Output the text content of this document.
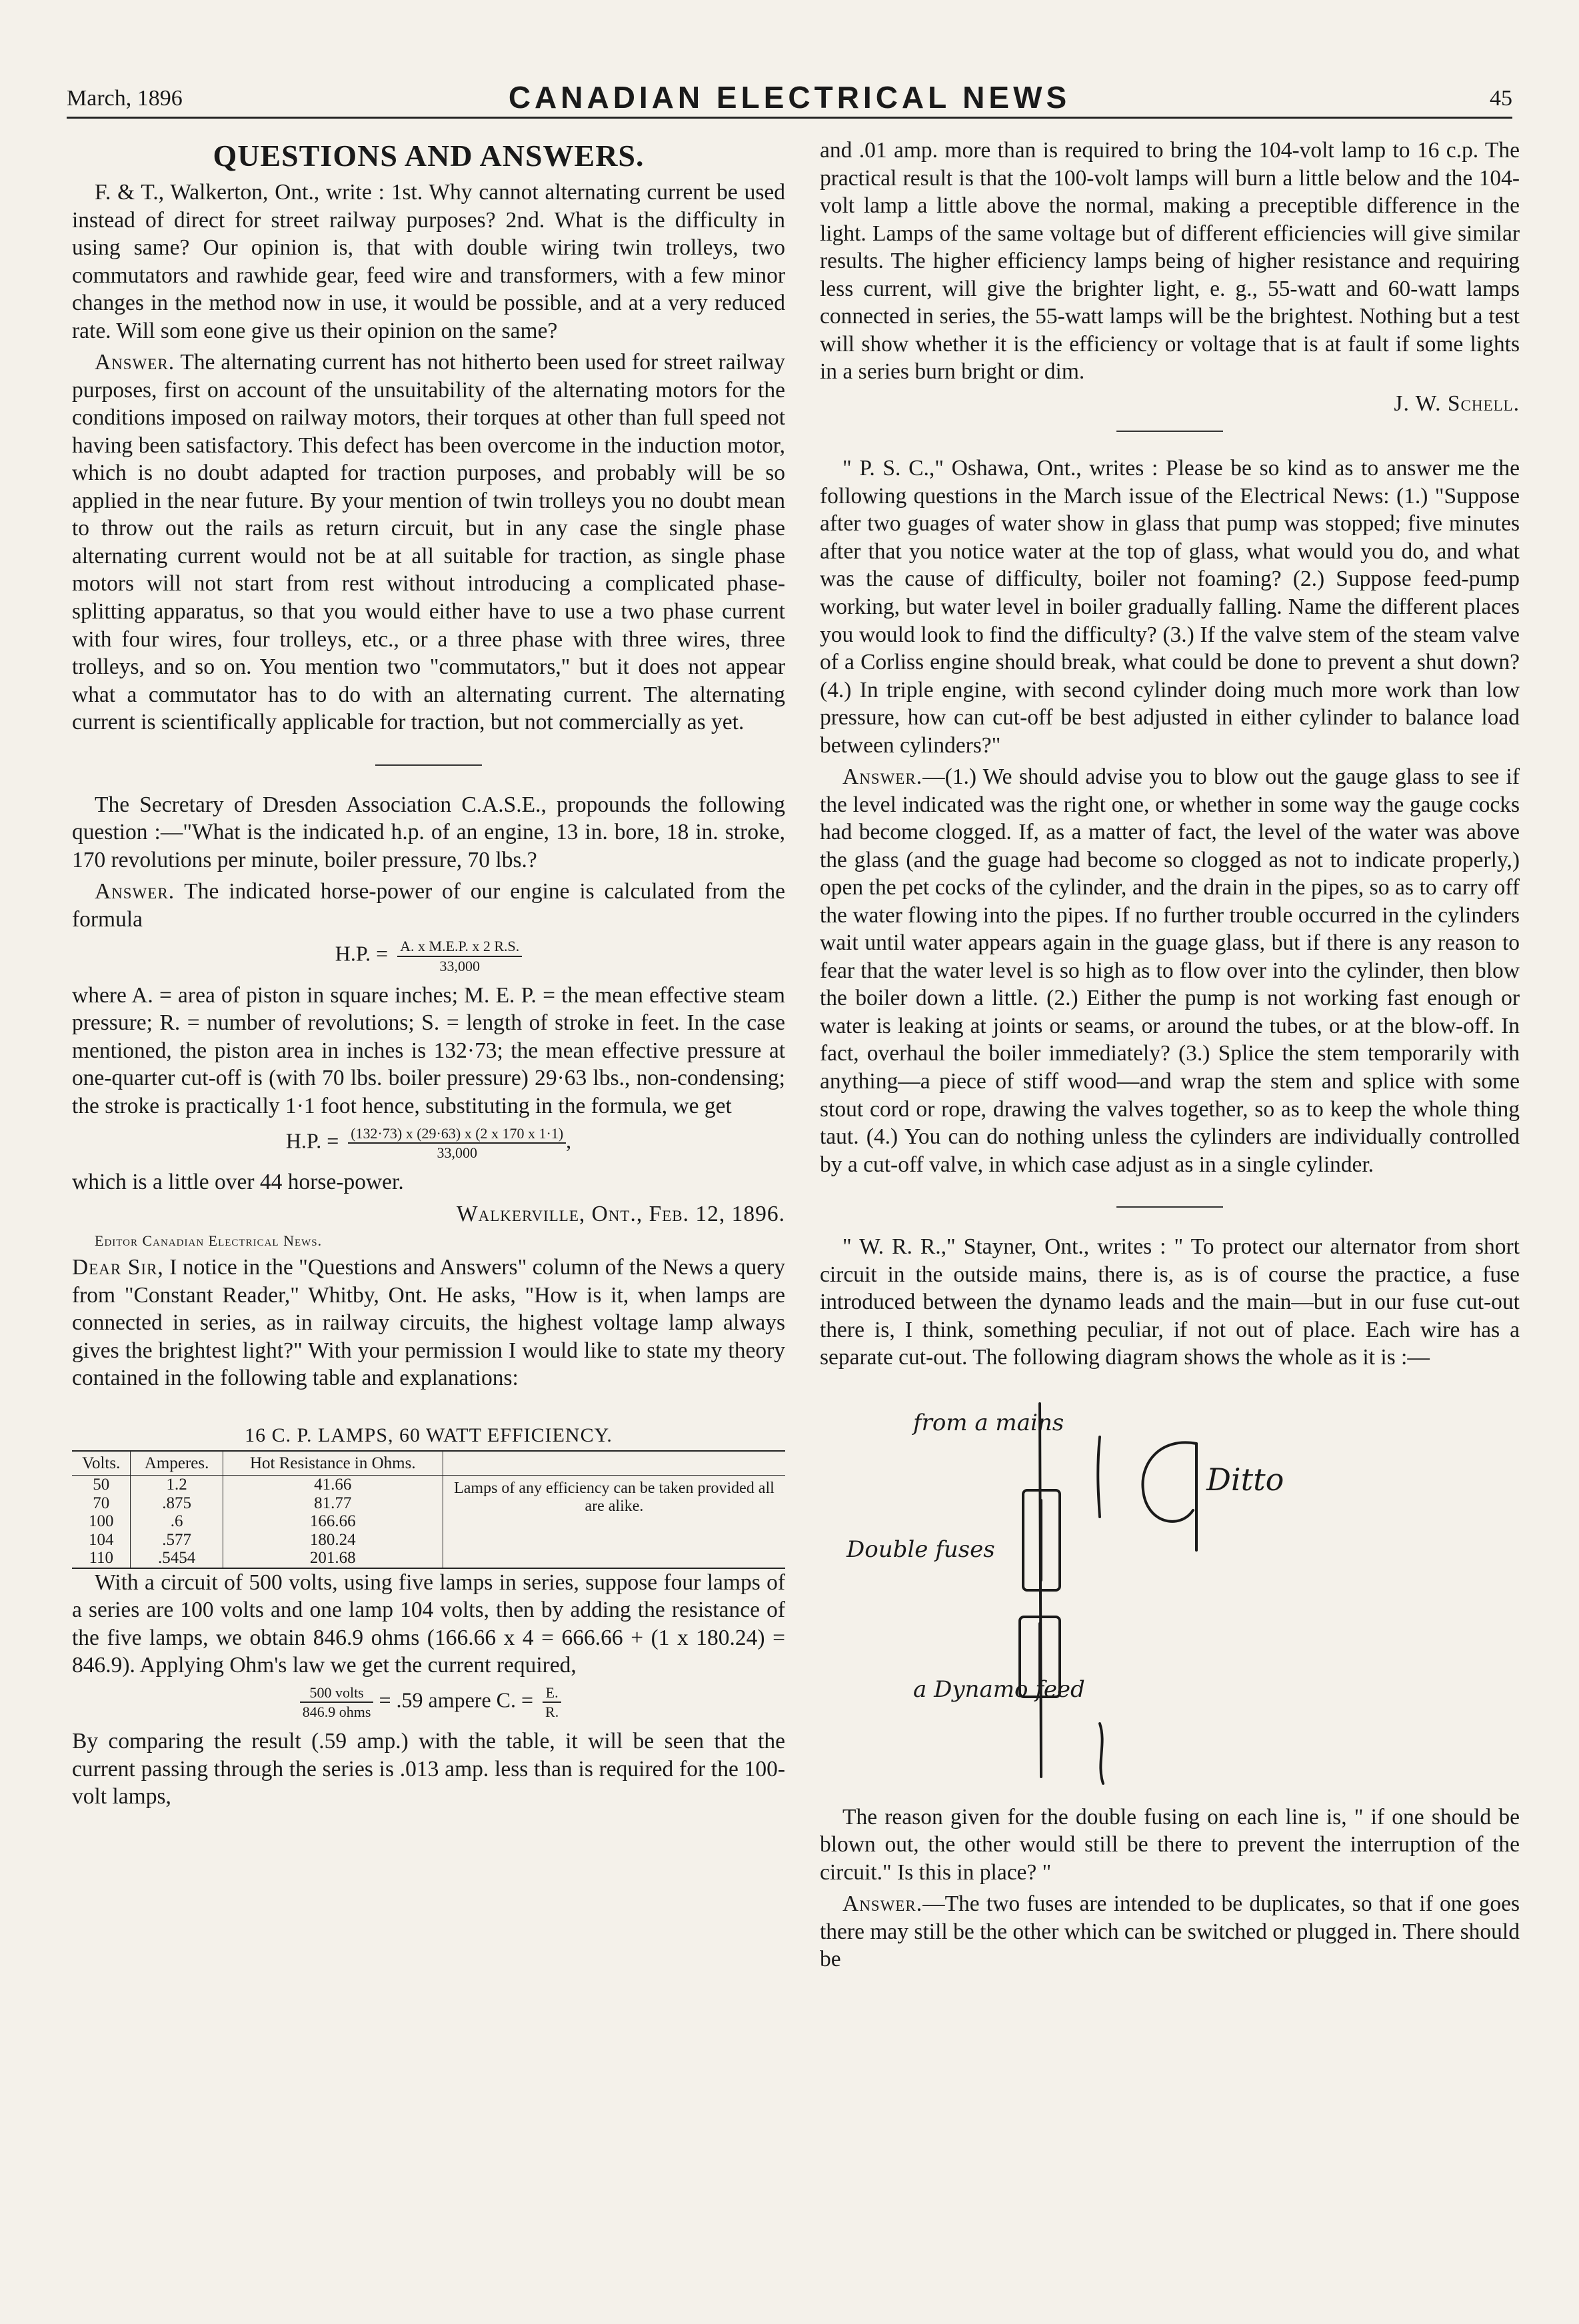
March, 1896	CANADIAN ELECTRICAL NEWS	45
QUESTIONS AND ANSWERS.

F. & T., Walkerton, Ont., write : 1st. Why cannot alternating current be used instead of direct for street railway purposes? 2nd. What is the difficulty in using same? Our opinion is, that with double wiring twin trolleys, two commutators and rawhide gear, feed wire and transformers, with a few minor changes in the method now in use, it would be possible, and at a very reduced rate. Will som eone give us their opinion on the same?

Answer. The alternating current has not hitherto been used for street railway purposes, first on account of the unsuitability of the alternating motors for the conditions imposed on railway motors, their torques at other than full speed not having been satisfactory. This defect has been overcome in the induction motor, which is no doubt adapted for traction purposes, and probably will be so applied in the near future. By your mention of twin trolleys you no doubt mean to throw out the rails as return circuit, but in any case the single phase alternating current would not be at all suitable for traction, as single phase motors will not start from rest without introducing a complicated phase-splitting apparatus, so that you would either have to use a two phase current with four wires, four trolleys, etc., or a three phase with three wires, three trolleys, and so on. You mention two "commutators," but it does not appear what a commutator has to do with an alternating current. The alternating current is scientifically applicable for traction, but not commercially as yet.

The Secretary of Dresden Association C.A.S.E., propounds the following question :—"What is the indicated h.p. of an engine, 13 in. bore, 18 in. stroke, 170 revolutions per minute, boiler pressure, 70 lbs.?

Answer. The indicated horse-power of our engine is calculated from the formula

H.P. = $\frac{\text{A. x M.E.P. x 2 R.S.}}{33,000}$

where A. = area of piston in square inches; M. E. P. = the mean effective steam pressure; R. = number of revolutions; S. = length of stroke in feet. In the case mentioned, the piston area in inches is 132·73; the mean effective pressure at one-quarter cut-off is (with 70 lbs. boiler pressure) 29·63 lbs., non-condensing; the stroke is practically 1·1 foot hence, substituting in the formula, we get

H.P. = $\frac{(132\cdot 73) x (29\cdot 63) x (2 x 170 x 1\cdot 1)}{33,000}$ ,

which is a little over 44 horse-power.

Walkerville, Ont., Feb. 12, 1896.

Editor Canadian Electrical News.

Dear Sir, I notice in the "Questions and Answers" column of the News a query from "Constant Reader," Whitby, Ont. He asks, "How is it, when lamps are connected in series, as in railway circuits, the highest voltage lamp always gives the brightest light?" With your permission I would like to state my theory contained in the following table and explanations:

16 C. P. LAMPS, 60 WATT EFFICIENCY.
Volts.	Amperes.	Hot Resistance in Ohms.	
50	1.2	41.66	Lamps of any efficiency can be taken provided all are alike.
70	.875	81.77	
100	.6	166.66	
104	.577	180.24	
110	.5454	201.68	

With a circuit of 500 volts, using five lamps in series, suppose four lamps of a series are 100 volts and one lamp 104 volts, then by adding the resistance of the five lamps, we obtain 846.9 ohms (166.66 x 4 = 666.66 + (1 x 180.24) = 846.9). Applying Ohm's law we get the current required,

$\frac{\text{500 volts}}{\text{846.9 ohms}} = .59$ ampere C. = $\frac{E.}{R.}$

By comparing the result (.59 amp.) with the table, it will be seen that the current passing through the series is .013 amp. less than is required for the 100-volt lamps,

and .01 amp. more than is required to bring the 104-volt lamp to 16 c.p. The practical result is that the 100-volt lamps will burn a little below and the 104-volt lamp a little above the normal, making a preceptible difference in the light. Lamps of the same voltage but of different efficiencies will give similar results. The higher efficiency lamps being of higher resistance and requiring less current, will give the brighter light, e. g., 55-watt and 60-watt lamps connected in series, the 55-watt lamps will be the brightest. Nothing but a test will show whether it is the efficiency or voltage that is at fault if some lights in a series burn bright or dim.

J. W. Schell.

" P. S. C.," Oshawa, Ont., writes : Please be so kind as to answer me the following questions in the March issue of the Electrical News: (1.) "Suppose after two guages of water show in glass that pump was stopped; five minutes after that you notice water at the top of glass, what would you do, and what was the cause of difficulty, boiler not foaming? (2.) Suppose feed-pump working, but water level in boiler gradually falling. Name the different places you would look to find the difficulty? (3.) If the valve stem of the steam valve of a Corliss engine should break, what could be done to prevent a shut down? (4.) In triple engine, with second cylinder doing much more work than low pressure, how can cut-off be best adjusted in either cylinder to balance load between cylinders?"

Answer.—(1.) We should advise you to blow out the gauge glass to see if the level indicated was the right one, or whether in some way the gauge cocks had become clogged. If, as a matter of fact, the level of the water was above the glass (and the guage had become so clogged as not to indicate properly,) open the pet cocks of the cylinder, and the drain in the pipes, so as to carry off the water flowing into the pipes. If no further trouble occurred in the cylinders wait until water appears again in the guage glass, but if there is any reason to fear that the water level is so high as to flow over into the cylinder, then blow the boiler down a little. (2.) Either the pump is not working fast enough or water is leaking at joints or seams, or around the tubes, or at the blow-off. In fact, overhaul the boiler immediately? (3.) Splice the stem temporarily with anything—a piece of stiff wood—and wrap the stem and splice with some stout cord or rope, drawing the valves together, so as to keep the whole thing taut. (4.) You can do nothing unless the cylinders are individually controlled by a cut-off valve, in which case adjust as in a single cylinder.

" W. R. R.," Stayner, Ont., writes : " To protect our alternator from short circuit in the outside mains, there is, as is of course the practice, a fuse introduced between the dynamo leads and the main—but in our fuse cut-out there is, I think, something peculiar, if not out of place. Each wire has a separate cut-out. The following diagram shows the whole as it is :—

from a mains
Double fuses
Ditto
a Dynamo feed

The reason given for the double fusing on each line is, " if one should be blown out, the other would still be there to prevent the interruption of the circuit." Is this in place? "

Answer.—The two fuses are intended to be duplicates, so that if one goes there may still be the other which can be switched or plugged in. There should be
